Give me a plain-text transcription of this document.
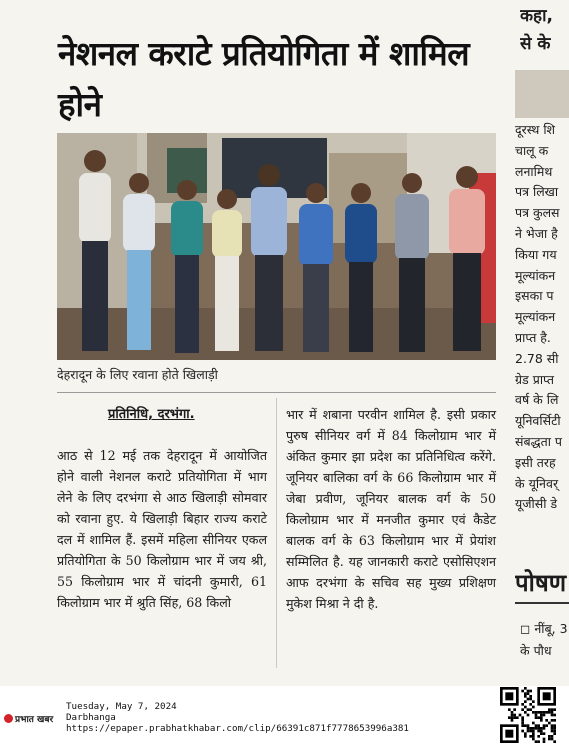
नेशनल कराटे प्रतियोगिता में शामिल होने
देहरादून के लिए रवाना होते खिलाड़ी
प्रतिनिधि, दरभंगा.
आठ से 12 मई तक देहरादून में आयोजित होने वाली नेशनल कराटे प्रतियोगिता में भाग लेने के लिए दरभंगा से आठ खिलाड़ी सोमवार को रवाना हुए. ये खिलाड़ी बिहार राज्य कराटे दल में शामिल हैं. इसमें महिला सीनियर एकल प्रतियोगिता के 50 किलोग्राम भार में जय श्री, 55 किलोग्राम भार में चांदनी कुमारी, 61 किलोग्राम भार में श्रुति सिंह, 68 किलो
भार में शबाना परवीन शामिल है. इसी प्रकार पुरुष सीनियर वर्ग में 84 किलोग्राम भार में अंकित कुमार झा प्रदेश का प्रतिनिधित्व करेंगे. जूनियर बालिका वर्ग के 66 किलोग्राम भार में जेबा प्रवीण, जूनियर बालक वर्ग के 50 किलोग्राम भार में मनजीत कुमार एवं कैडेट बालक वर्ग के 63 किलोग्राम भार में प्रेयांश सम्मिलित है. यह जानकारी कराटे एसोसिएशन आफ दरभंगा के सचिव सह मुख्य प्रशिक्षण मुकेश मिश्रा ने दी है.
कहा,
से के
दूरस्थ शि
चालू क
लनामिथ
पत्र लिखा
पत्र कुलस
ने भेजा है
किया गय
मूल्यांकन
इसका प
मूल्यांकन
प्राप्त है.
2.78 सी
ग्रेड प्राप्त
वर्ष के लि
यूनिवर्सिटी
संबद्धता प
इसी तरह
के यूनिवर्
यूजीसी डे
पोषण
◻ नींबू, 3
के पौध
प्रभात खबर
Tuesday, May 7, 2024
Darbhanga
https://epaper.prabhatkhabar.com/clip/66391c871f7778653996a381
